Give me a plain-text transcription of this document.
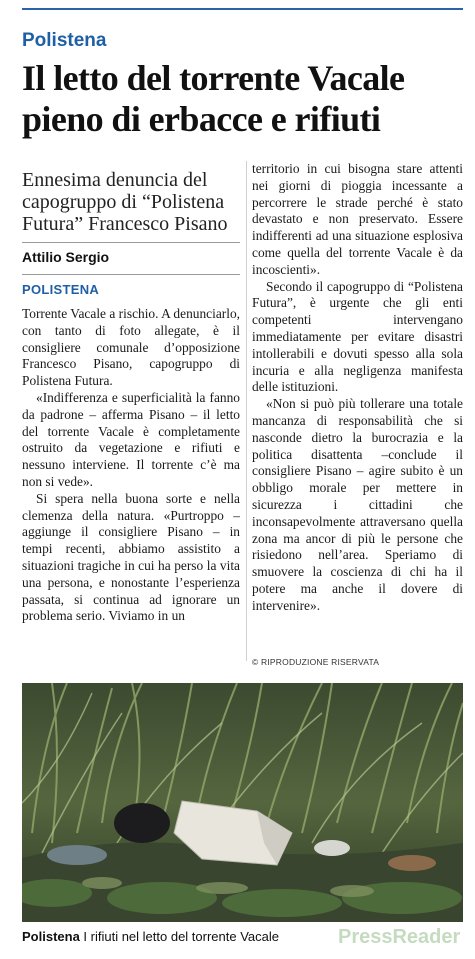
Polistena
Il letto del torrente Vacale
pieno di erbacce e rifiuti
Ennesima denuncia del
capogruppo di “Polistena
Futura” Francesco Pisano
Attilio Sergio
POLISTENA

Torrente Vacale a rischio. A denunciarlo, con tanto di foto allegate, è il consigliere comunale d’opposizione Francesco Pisano, capogruppo di Polistena Futura.

«Indifferenza e superficialità la fanno da padrone – afferma Pisano – il letto del torrente Vacale è completamente ostruito da vegetazione e rifiuti e nessuno interviene. Il torrente c’è ma non si vede».

Si spera nella buona sorte e nella clemenza della natura. «Purtroppo – aggiunge il consigliere Pisano – in tempi recenti, abbiamo assistito a situazioni tragiche in cui ha perso la vita una persona, e nonostante l’esperienza passata, si continua ad ignorare un problema serio. Viviamo in un

territorio in cui bisogna stare attenti nei giorni di pioggia incessante a percorrere le strade perché è stato devastato e non preservato. Essere indifferenti ad una situazione esplosiva come quella del torrente Vacale è da incoscienti».

Secondo il capogruppo di “Polistena Futura”, è urgente che gli enti competenti intervengano immediatamente per evitare disastri intollerabili e dovuti spesso alla sola incuria e alla negligenza manifesta delle istituzioni.

«Non si può più tollerare una totale mancanza di responsabilità che si nasconde dietro la burocrazia e la politica disattenta –conclude il consigliere Pisano – agire subito è un obbligo morale per mettere in sicurezza i cittadini che inconsapevolmente attraversano quella zona ma ancor di più le persone che risiedono nell’area. Speriamo di smuovere la coscienza di chi ha il potere ma anche il dovere di intervenire».

© RIPRODUZIONE RISERVATA
Polistena I rifiuti nel letto del torrente Vacale	PressReader
